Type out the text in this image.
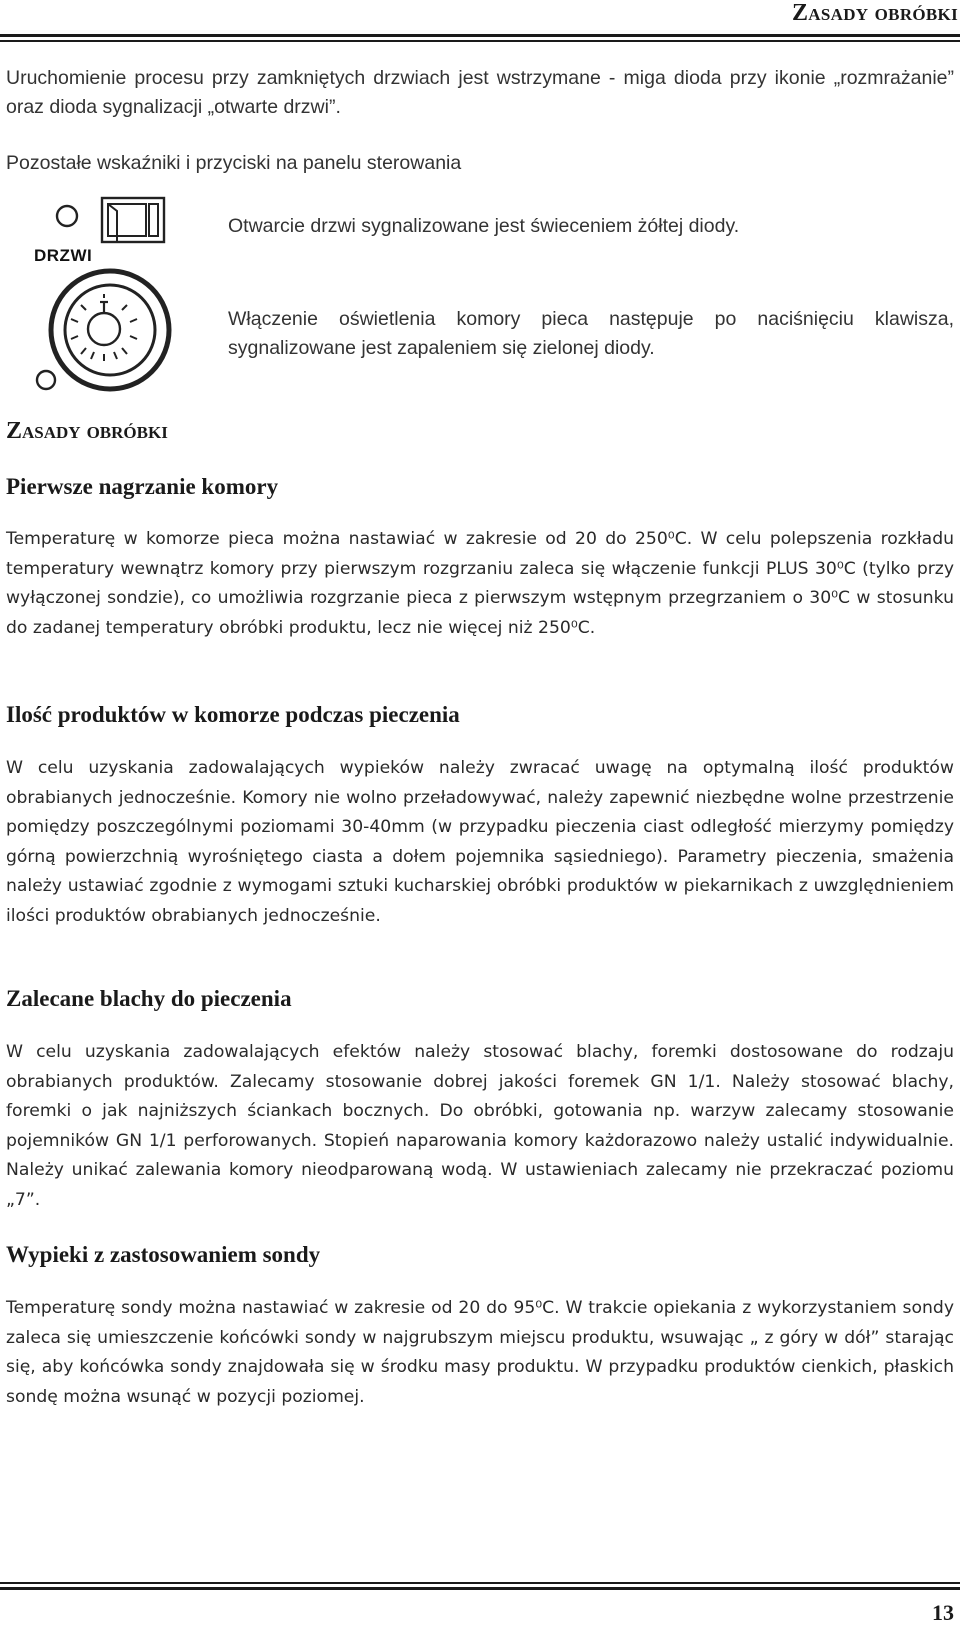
Zasady obróbki

Uruchomienie procesu przy zamkniętych drzwiach jest wstrzymane - miga dioda przy ikonie „rozmrażanie” oraz dioda sygnalizacji „otwarte drzwi”.

Pozostałe wskaźniki i przyciski na panelu sterowania

DRZWI

Otwarcie drzwi sygnalizowane jest świeceniem żółtej diody.

Włączenie oświetlenia komory pieca następuje po naciśnięciu klawisza, sygnalizowane jest zapaleniem się zielonej diody.

Zasady obróbki
Pierwsze nagrzanie komory

Temperaturę w komorze pieca można nastawiać w zakresie od 20 do 250⁰C. W celu polepszenia rozkładu temperatury wewnątrz komory przy pierwszym rozgrzaniu zaleca się włączenie funkcji PLUS 30⁰C (tylko przy wyłączonej sondzie), co umożliwia rozgrzanie pieca z pierwszym wstępnym przegrzaniem o 30⁰C w stosunku do zadanej temperatury obróbki produktu, lecz nie więcej niż 250⁰C.

Ilość produktów w komorze podczas pieczenia

W celu uzyskania zadowalających wypieków należy zwracać uwagę na optymalną ilość produktów obrabianych jednocześnie. Komory nie wolno przeładowywać, należy zapewnić niezbędne wolne przestrzenie pomiędzy poszczególnymi poziomami 30-40mm (w przypadku pieczenia ciast odległość mierzymy pomiędzy górną powierzchnią wyrośniętego ciasta a dołem pojemnika sąsiedniego). Parametry pieczenia, smażenia należy ustawiać zgodnie z wymogami sztuki kucharskiej obróbki produktów w piekarnikach z uwzględnieniem ilości produktów obrabianych jednocześnie.

Zalecane blachy do pieczenia

W celu uzyskania zadowalających efektów należy stosować blachy, foremki dostosowane do rodzaju obrabianych produktów. Zalecamy stosowanie dobrej jakości foremek GN 1/1. Należy stosować blachy, foremki o jak najniższych ściankach bocznych. Do obróbki, gotowania np. warzyw zalecamy stosowanie pojemników GN 1/1 perforowanych. Stopień naparowania komory każdorazowo należy ustalić indywidualnie. Należy unikać zalewania komory nieodparowaną wodą. W ustawieniach zalecamy nie przekraczać poziomu „7”.

Wypieki z zastosowaniem sondy

Temperaturę sondy można nastawiać w zakresie od 20 do 95⁰C. W trakcie opiekania z wykorzystaniem sondy zaleca się umieszczenie końcówki sondy w najgrubszym miejscu produktu, wsuwając „ z góry w dół” starając się, aby końcówka sondy znajdowała się w środku masy produktu. W przypadku produktów cienkich, płaskich sondę można wsunąć w pozycji poziomej.

13
